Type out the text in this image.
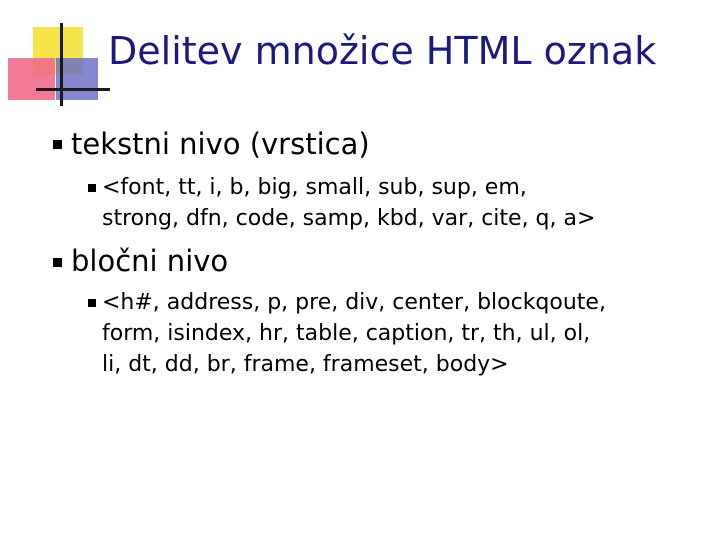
Delitev množice HTML oznak
tekstni nivo (vrstica)
<font, tt, i, b, big, small, sub, sup, em,
strong, dfn, code, samp, kbd, var, cite, q, a>
bločni nivo
<h#, address, p, pre, div, center, blockqoute,
form, isindex, hr, table, caption, tr, th, ul, ol,
li, dt, dd, br, frame, frameset, body>
